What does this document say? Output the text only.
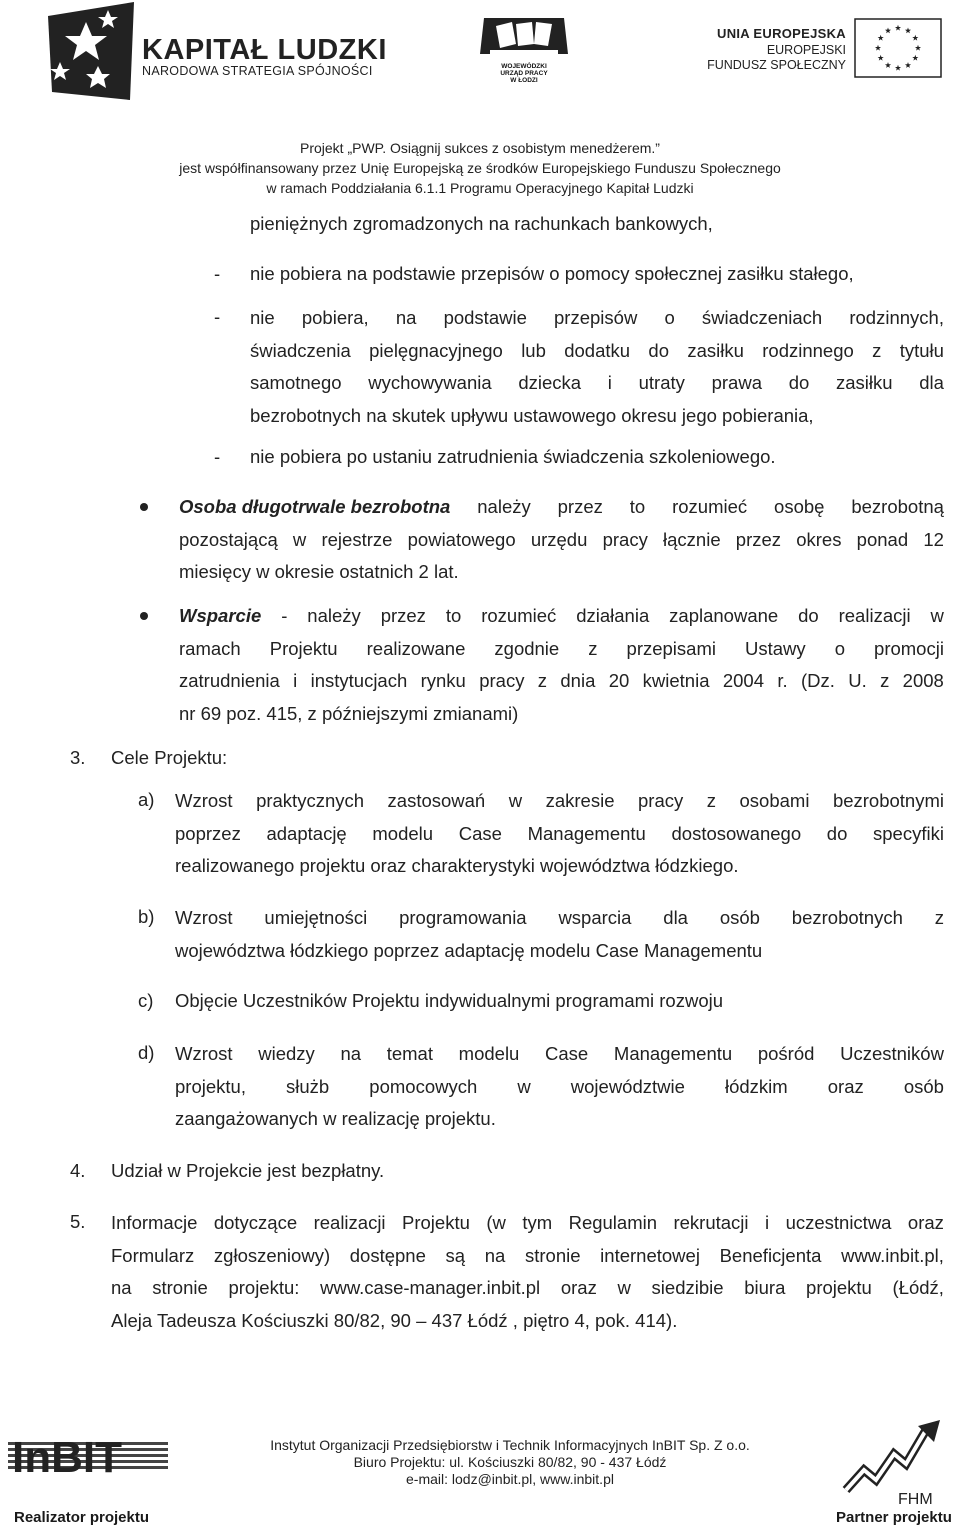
KAPITAŁ LUDZKI
NARODOWA STRATEGIA SPÓJNOŚCI	WOJEWÓDZKI
URZĄD PRACY
W ŁODZI
UNIA EUROPEJSKA
EUROPEJSKI
FUNDUSZ SPOŁECZNY
Projekt „PWP. Osiągnij sukces z osobistym menedżerem.”
jest współfinansowany przez Unię Europejską ze środków Europejskiego Funduszu Społecznego
w ramach Poddziałania 6.1.1 Programu Operacyjnego Kapitał Ludzki
pieniężnych zgromadzonych na rachunkach bankowych,
- nie pobiera na podstawie przepisów o pomocy społecznej zasiłku stałego,
- nie pobiera, na podstawie przepisów o świadczeniach rodzinnych,
świadczenia pielęgnacyjnego lub dodatku do zasiłku rodzinnego z tytułu
samotnego wychowywania dziecka i utraty prawa do zasiłku dla
bezrobotnych na skutek upływu ustawowego okresu jego pobierania,
- nie pobiera po ustaniu zatrudnienia świadczenia szkoleniowego.
Osoba długotrwale bezrobotna należy przez to rozumieć osobę bezrobotną
pozostającą w rejestrze powiatowego urzędu pracy łącznie przez okres ponad 12
miesięcy w okresie ostatnich 2 lat.
Wsparcie - należy przez to rozumieć działania zaplanowane do realizacji w
ramach Projektu realizowane zgodnie z przepisami Ustawy o promocji
zatrudnienia i instytucjach rynku pracy z dnia 20 kwietnia 2004 r. (Dz. U. z 2008
nr 69 poz. 415, z późniejszymi zmianami)
3. Cele Projektu:
a) Wzrost praktycznych zastosowań w zakresie pracy z osobami bezrobotnymi
poprzez adaptację modelu Case Managementu dostosowanego do specyfiki
realizowanego projektu oraz charakterystyki województwa łódzkiego.
b) Wzrost umiejętności programowania wsparcia dla osób bezrobotnych z
województwa łódzkiego poprzez adaptację modelu Case Managementu
c) Objęcie Uczestników Projektu indywidualnymi programami rozwoju
d) Wzrost wiedzy na temat modelu Case Managementu pośród Uczestników
projektu, służb pomocowych w województwie łódzkim oraz osób
zaangażowanych w realizację projektu.
4. Udział w Projekcie jest bezpłatny.
5. Informacje dotyczące realizacji Projektu (w tym Regulamin rekrutacji i uczestnictwa oraz
Formularz zgłoszeniowy) dostępne są na stronie internetowej Beneficjenta www.inbit.pl,
na stronie projektu: www.case-manager.inbit.pl oraz w siedzibie biura projektu (Łódź,
Aleja Tadeusza Kościuszki 80/82, 90 – 437 Łódź , piętro 4, pok. 414).
InBIT	Instytut Organizacji Przedsiębiorstw i Technik Informacyjnych InBIT Sp. Z o.o.
Biuro Projektu: ul. Kościuszki 80/82, 90 - 437 Łódź
e-mail: lodz@inbit.pl, www.inbit.pl
FHM
Realizator projektu	Partner projektu
